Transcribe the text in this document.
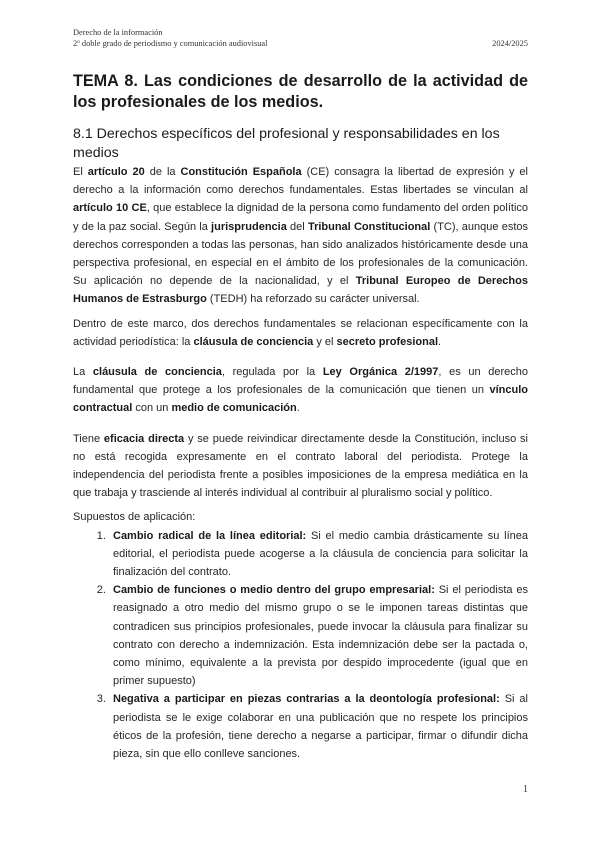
Derecho de la información
2º doble grado de periodismo y comunicación audiovisual	2024/2025
TEMA 8. Las condiciones de desarrollo de la actividad de los profesionales de los medios.
8.1 Derechos específicos del profesional y responsabilidades en los medios

El artículo 20 de la Constitución Española (CE) consagra la libertad de expresión y el derecho a la información como derechos fundamentales. Estas libertades se vinculan al artículo 10 CE, que establece la dignidad de la persona como fundamento del orden político y de la paz social. Según la jurisprudencia del Tribunal Constitucional (TC), aunque estos derechos corresponden a todas las personas, han sido analizados históricamente desde una perspectiva profesional, en especial en el ámbito de los profesionales de la comunicación. Su aplicación no depende de la nacionalidad, y el Tribunal Europeo de Derechos Humanos de Estrasburgo (TEDH) ha reforzado su carácter universal.

Dentro de este marco, dos derechos fundamentales se relacionan específicamente con la actividad periodística: la cláusula de conciencia y el secreto profesional.

La cláusula de conciencia, regulada por la Ley Orgánica 2/1997, es un derecho fundamental que protege a los profesionales de la comunicación que tienen un vínculo contractual con un medio de comunicación.

Tiene eficacia directa y se puede reivindicar directamente desde la Constitución, incluso si no está recogida expresamente en el contrato laboral del periodista. Protege la independencia del periodista frente a posibles imposiciones de la empresa mediática en la que trabaja y trasciende al interés individual al contribuir al pluralismo social y político.

Supuestos de aplicación:

1. Cambio radical de la línea editorial: Si el medio cambia drásticamente su línea editorial, el periodista puede acogerse a la cláusula de conciencia para solicitar la finalización del contrato.
2. Cambio de funciones o medio dentro del grupo empresarial: Si el periodista es reasignado a otro medio del mismo grupo o se le imponen tareas distintas que contradicen sus principios profesionales, puede invocar la cláusula para finalizar su contrato con derecho a indemnización. Esta indemnización debe ser la pactada o, como mínimo, equivalente a la prevista por despido improcedente (igual que en primer supuesto)
3. Negativa a participar en piezas contrarias a la deontología profesional: Si al periodista se le exige colaborar en una publicación que no respete los principios éticos de la profesión, tiene derecho a negarse a participar, firmar o difundir dicha pieza, sin que ello conlleve sanciones.
1
